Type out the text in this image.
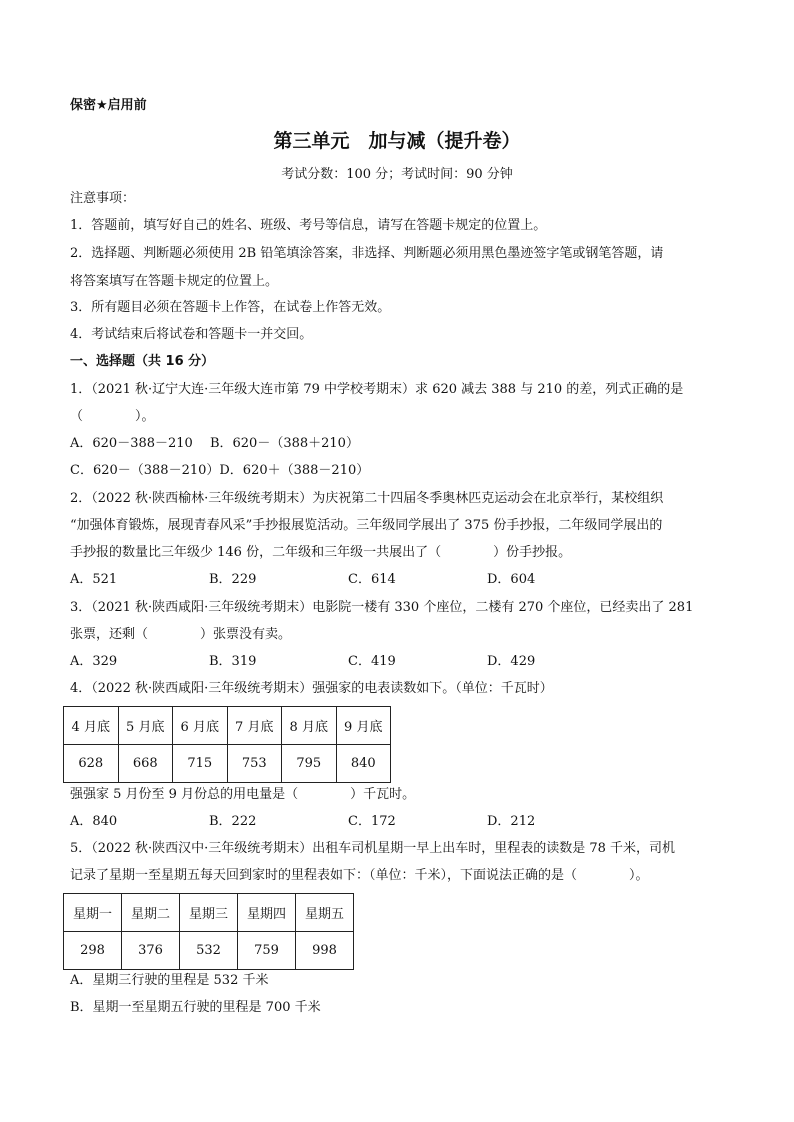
保密★启用前
第三单元　加与减（提升卷）
考试分数：100 分；考试时间：90 分钟
注意事项：
1．答题前，填写好自己的姓名、班级、考号等信息，请写在答题卡规定的位置上。
2．选择题、判断题必须使用 2B 铅笔填涂答案，非选择、判断题必须用黑色墨迹签字笔或钢笔答题，请
将答案填写在答题卡规定的位置上。
3．所有题目必须在答题卡上作答，在试卷上作答无效。
4．考试结束后将试卷和答题卡一并交回。
一、选择题（共 16 分）
1．（2021 秋·辽宁大连·三年级大连市第 79 中学校考期末）求 620 减去 388 与 210 的差，列式正确的是
（　　　　）。
A．620－388－210　 B．620－（388＋210）
C．620－（388－210）D．620＋（388－210）
2．（2022 秋·陕西榆林·三年级统考期末）为庆祝第二十四届冬季奥林匹克运动会在北京举行，某校组织
“加强体育锻炼，展现青春风采”手抄报展览活动。三年级同学展出了 375 份手抄报，二年级同学展出的
手抄报的数量比三年级少 146 份，二年级和三年级一共展出了（　　　　）份手抄报。
A．521	B．229	C．614	D．604
3．（2021 秋·陕西咸阳·三年级统考期末）电影院一楼有 330 个座位，二楼有 270 个座位，已经卖出了 281
张票，还剩（　　　　）张票没有卖。
A．329	B．319	C．419	D．429
4．（2022 秋·陕西咸阳·三年级统考期末）强强家的电表读数如下。（单位：千瓦时）
4 月底	5 月底	6 月底	7 月底	8 月底	9 月底
628	668	715	753	795	840
强强家 5 月份至 9 月份总的用电量是（　　　　）千瓦时。
A．840	B．222	C．172	D．212
5．（2022 秋·陕西汉中·三年级统考期末）出租车司机星期一早上出车时，里程表的读数是 78 千米，司机
记录了星期一至星期五每天回到家时的里程表如下：（单位：千米），下面说法正确的是（　　　　）。
星期一	星期二	星期三	星期四	星期五
298	376	532	759	998
A．星期三行驶的里程是 532 千米
B．星期一至星期五行驶的里程是 700 千米
